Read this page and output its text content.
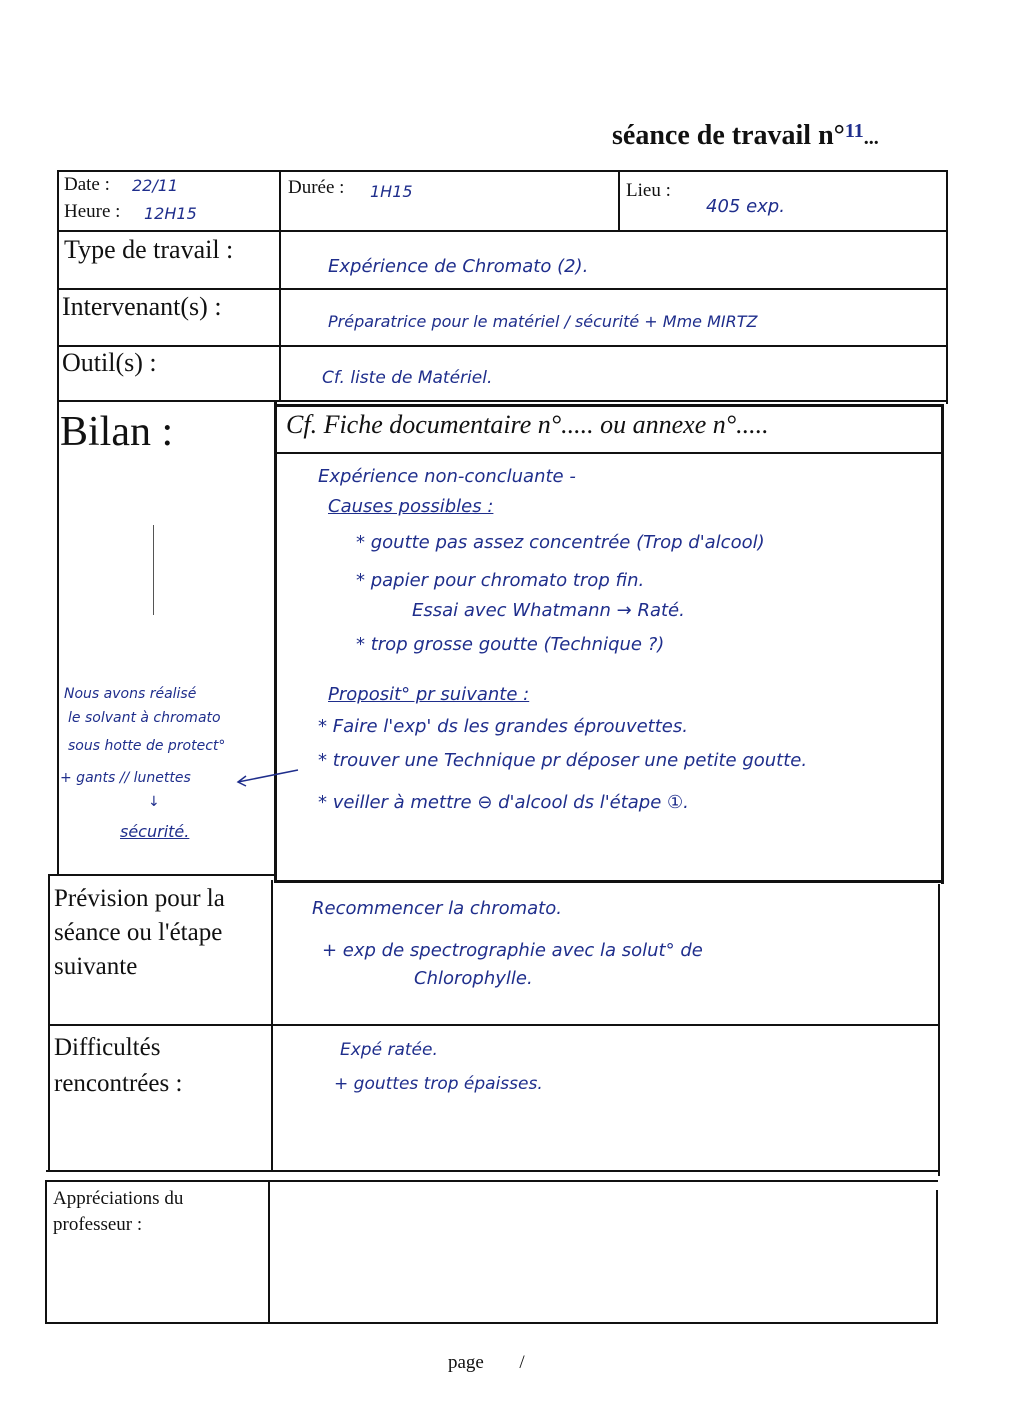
séance de travail n°$^{11}$...
Date : 22/11
Heure : 12H15
Durée : 1H15	Lieu :
405 exp.
Type de travail :
Expérience de Chromato (2).
Intervenant(s) :
Préparatrice pour le matériel / sécurité + Mme MIRTZ
Outil(s) :
Cf. liste de Matériel.
Bilan :	Cf. Fiche documentaire n°..... ou annexe n°.....
Expérience non-concluante -
Causes possibles :
* goutte pas assez concentrée (Trop d'alcool)
* papier pour chromato trop fin.
Essai avec Whatmann → Raté.
* trop grosse goutte (Technique ?)
Proposit° pr suivante :
* Faire l'exp' ds les grandes éprouvettes.
* trouver une Technique pr déposer une petite goutte.
* veiller à mettre ⊖ d'alcool ds l'étape ①.
Nous avons réalisé
le solvant à chromato
sous hotte de protect°
+ gants // lunettes
↓
sécurité.
Prévision pour la
séance ou l'étape
suivante
Recommencer la chromato.
+ exp de spectrographie avec la solut° de
Chlorophylle.
Difficultés
rencontrées :
Expé ratée.
+ gouttes trop épaisses.
Appréciations du
professeur :
page /
